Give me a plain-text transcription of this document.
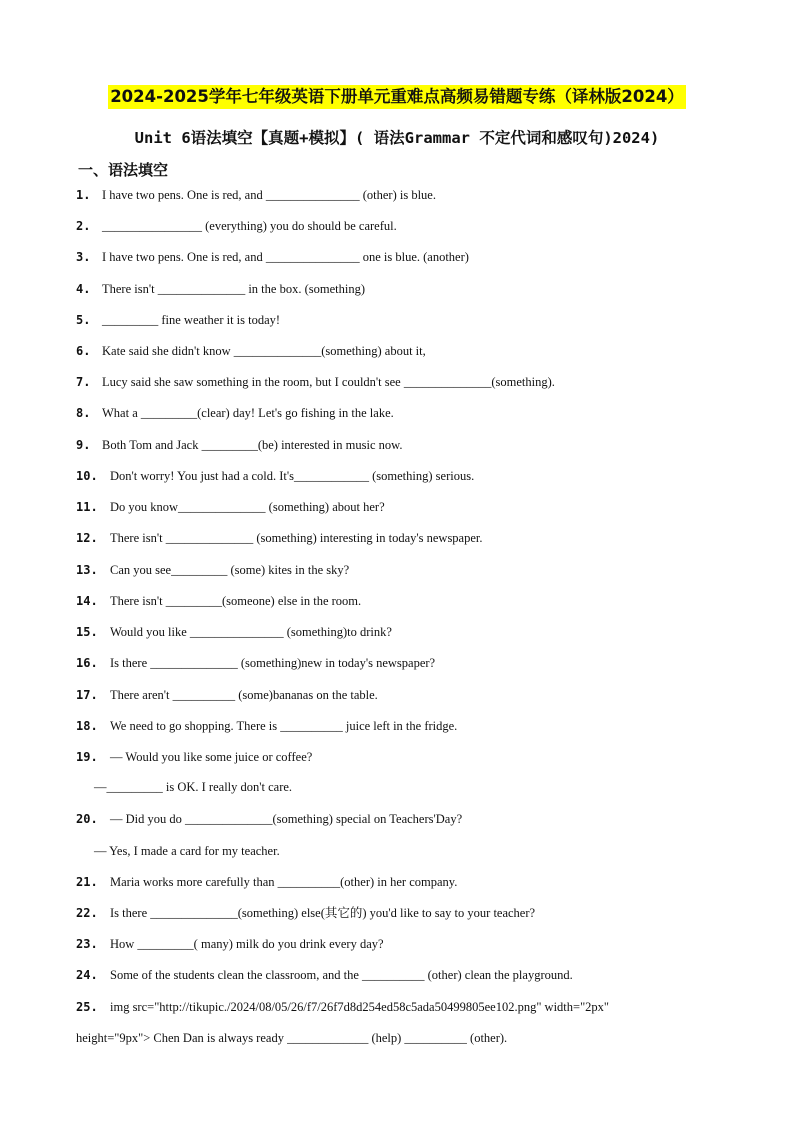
2024-2025学年七年级英语下册单元重难点高频易错题专练（译林版2024）
Unit 6语法填空【真题+模拟】( 语法Grammar 不定代词和感叹句)2024)
一、语法填空
1. I have two pens. One is red, and _______________ (other) is blue.
2. ________________ (everything) you do should be careful.
3. I have two pens. One is red, and _______________ one is blue. (another)
4. There isn't ______________ in the box. (something)
5. _________ fine weather it is today!
6. Kate said she didn't know ______________(something) about it,
7. Lucy said she saw something in the room, but I couldn't see ______________(something).
8. What a _________(clear) day! Let's go fishing in the lake.
9. Both Tom and Jack _________(be) interested in music now.
10. Don't worry! You just had a cold. It's____________ (something) serious.
11. Do you know______________ (something) about her?
12. There isn't ______________ (something) interesting in today's newspaper.
13. Can you see_________ (some) kites in the sky?
14. There isn't _________(someone) else in the room.
15. Would you like _______________ (something)to drink?
16. Is there ______________ (something)new in today's newspaper?
17. There aren't __________ (some)bananas on the table.
18. We need to go shopping. There is __________ juice left in the fridge.
19. — Would you like some juice or coffee?
20. — Did you do ______________(something) special on Teachers'Day?
21. Maria works more carefully than __________(other) in her company.
22. Is there ______________(something) else(其它的) you'd like to say to your teacher?
23. How _________( many) milk do you drink every day?
24. Some of the students clean the classroom, and the __________ (other) clean the playground.
25. img src="http://tikupic./2024/08/05/26/f7/26f7d8d254ed58c5ada50499805ee102.png" width="2px"
—_________ is OK. I really don't care.
— Yes, I made a card for my teacher.
height="9px"> Chen Dan is always ready _____________ (help) __________ (other).
